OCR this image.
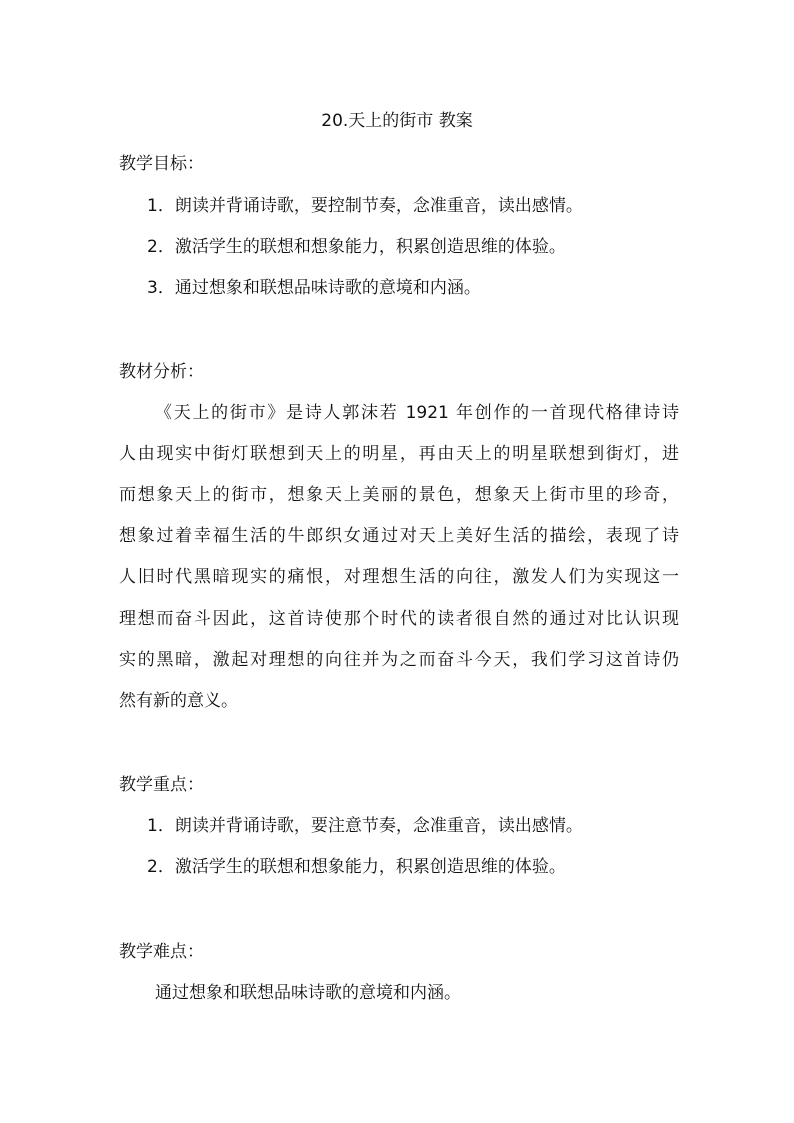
20.天上的街市 教案
教学目标：
1．朗读并背诵诗歌，要控制节奏，念准重音，读出感情。
2．激活学生的联想和想象能力，积累创造思维的体验。
3．通过想象和联想品味诗歌的意境和内涵。
教材分析：
《天上的街市》是诗人郭沫若 1921 年创作的一首现代格律诗诗
人由现实中街灯联想到天上的明星，再由天上的明星联想到街灯，进
而想象天上的街市，想象天上美丽的景色，想象天上街市里的珍奇，
想象过着幸福生活的牛郎织女通过对天上美好生活的描绘，表现了诗
人旧时代黑暗现实的痛恨，对理想生活的向往，激发人们为实现这一
理想而奋斗因此，这首诗使那个时代的读者很自然的通过对比认识现
实的黑暗，激起对理想的向往并为之而奋斗今天，我们学习这首诗仍
然有新的意义。
教学重点：
1．朗读并背诵诗歌，要注意节奏，念准重音，读出感情。
2．激活学生的联想和想象能力，积累创造思维的体验。
教学难点：
通过想象和联想品味诗歌的意境和内涵。
